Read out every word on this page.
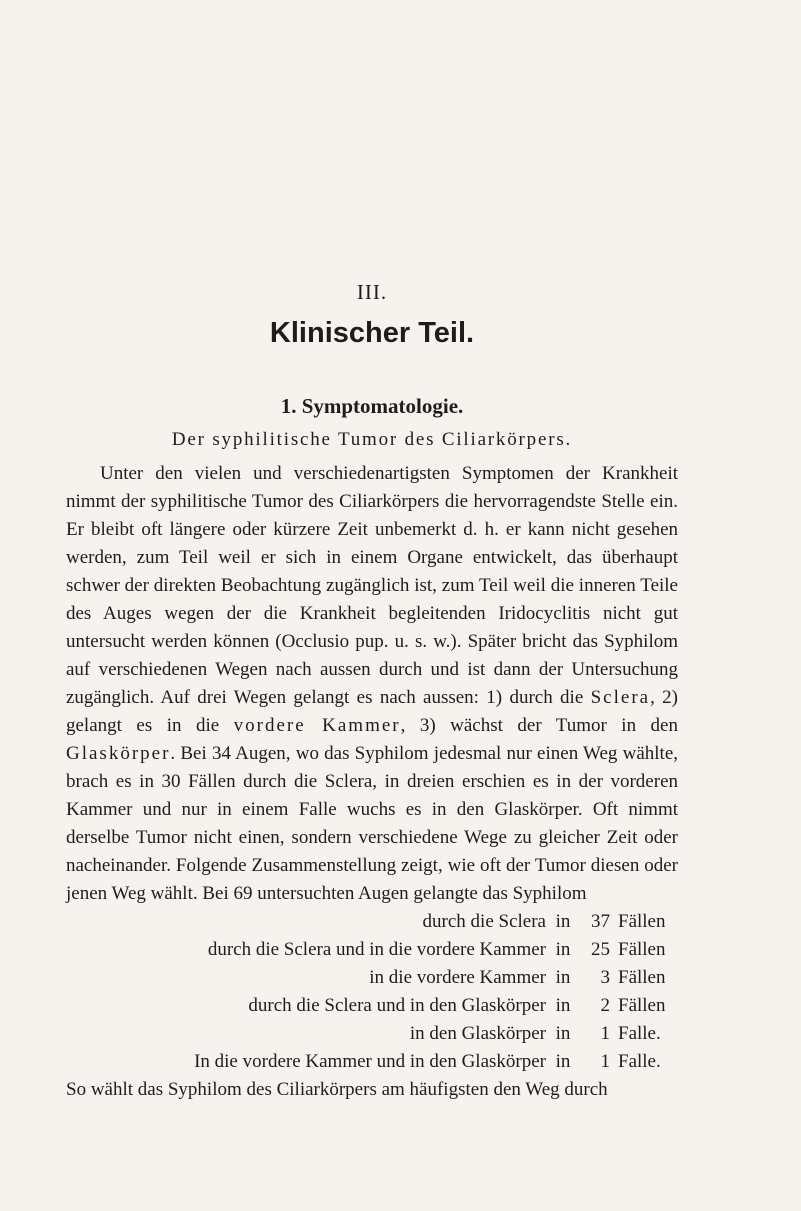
III.
Klinischer Teil.
1. Symptomatologie.
Der syphilitische Tumor des Ciliarkörpers.

Unter den vielen und verschiedenartigsten Symptomen der Krankheit nimmt der syphilitische Tumor des Ciliarkörpers die hervorragendste Stelle ein. Er bleibt oft längere oder kürzere Zeit unbemerkt d. h. er kann nicht gesehen werden, zum Teil weil er sich in einem Organe entwickelt, das überhaupt schwer der direkten Beobachtung zugänglich ist, zum Teil weil die inneren Teile des Auges wegen der die Krankheit begleitenden Iridocyclitis nicht gut untersucht werden können (Occlusio pup. u. s. w.). Später bricht das Syphilom auf verschiedenen Wegen nach aussen durch und ist dann der Untersuchung zugänglich. Auf drei Wegen gelangt es nach aussen: 1) durch die Sclera, 2) gelangt es in die vordere Kammer, 3) wächst der Tumor in den Glaskörper. Bei 34 Augen, wo das Syphilom jedesmal nur einen Weg wählte, brach es in 30 Fällen durch die Sclera, in dreien erschien es in der vorderen Kammer und nur in einem Falle wuchs es in den Glaskörper. Oft nimmt derselbe Tumor nicht einen, sondern verschiedene Wege zu gleicher Zeit oder nacheinander. Folgende Zusammenstellung zeigt, wie oft der Tumor diesen oder jenen Weg wählt. Bei 69 untersuchten Augen gelangte das Syphilom

durch die Sclera in	37 Fällen
durch die Sclera und in die vordere Kammer in	25 Fällen
in die vordere Kammer in	3 Fällen
durch die Sclera und in den Glaskörper in	2 Fällen
in den Glaskörper in	1 Falle.
In die vordere Kammer und in den Glaskörper in	1 Falle.

So wählt das Syphilom des Ciliarkörpers am häufigsten den Weg durch
